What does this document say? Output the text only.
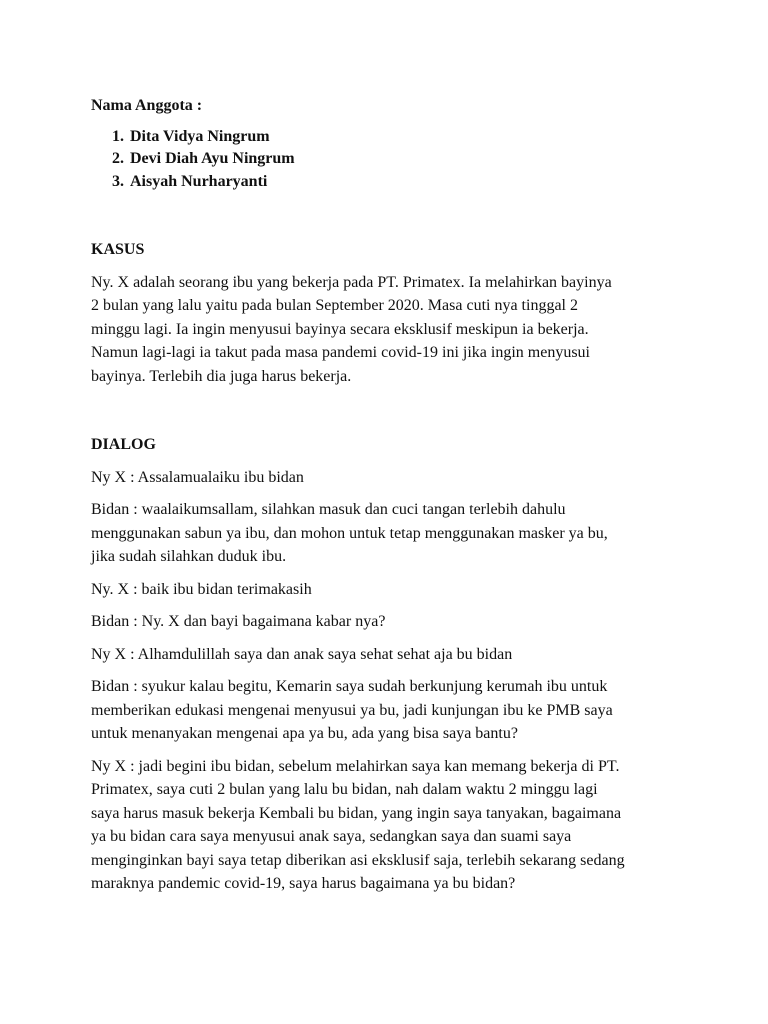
Nama Anggota :

1. Dita Vidya Ningrum
2. Devi Diah Ayu Ningrum
3. Aisyah Nurharyanti

KASUS

Ny. X adalah seorang ibu yang bekerja pada PT. Primatex. Ia melahirkan bayinya
2 bulan yang lalu yaitu pada bulan September 2020. Masa cuti nya tinggal 2
minggu lagi. Ia ingin menyusui bayinya secara eksklusif meskipun ia bekerja.
Namun lagi-lagi ia takut pada masa pandemi covid-19 ini jika ingin menyusui
bayinya. Terlebih dia juga harus bekerja.

DIALOG

Ny X : Assalamualaiku ibu bidan

Bidan : waalaikumsallam, silahkan masuk dan cuci tangan terlebih dahulu
menggunakan sabun ya ibu, dan mohon untuk tetap menggunakan masker ya bu,
jika sudah silahkan duduk ibu.

Ny. X : baik ibu bidan terimakasih

Bidan : Ny. X dan bayi bagaimana kabar nya?

Ny X : Alhamdulillah saya dan anak saya sehat sehat aja bu bidan

Bidan : syukur kalau begitu, Kemarin saya sudah berkunjung kerumah ibu untuk
memberikan edukasi mengenai menyusui ya bu, jadi kunjungan ibu ke PMB saya
untuk menanyakan mengenai apa ya bu, ada yang bisa saya bantu?

Ny X : jadi begini ibu bidan, sebelum melahirkan saya kan memang bekerja di PT.
Primatex, saya cuti 2 bulan yang lalu bu bidan, nah dalam waktu 2 minggu lagi
saya harus masuk bekerja Kembali bu bidan, yang ingin saya tanyakan, bagaimana
ya bu bidan cara saya menyusui anak saya, sedangkan saya dan suami saya
menginginkan bayi saya tetap diberikan asi eksklusif saja, terlebih sekarang sedang
maraknya pandemic covid-19, saya harus bagaimana ya bu bidan?
